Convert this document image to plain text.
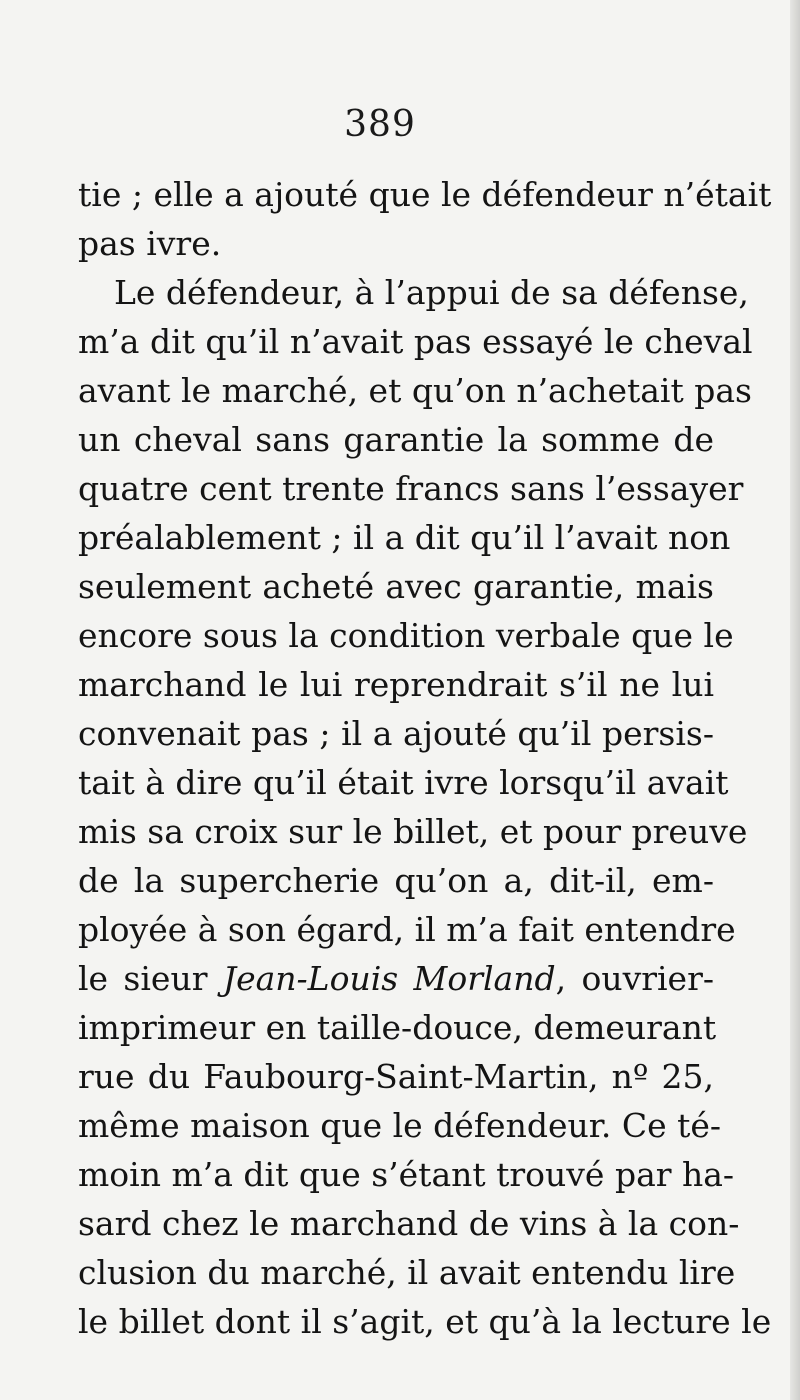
389
tie ; elle a ajouté que le défendeur n’était
pas ivre.
Le défendeur, à l’appui de sa défense,
m’a dit qu’il n’avait pas essayé le cheval
avant le marché, et qu’on n’achetait pas
un cheval sans garantie la somme de
quatre cent trente francs sans l’essayer
préalablement ; il a dit qu’il l’avait non
seulement acheté avec garantie, mais
encore sous la condition verbale que le
marchand le lui reprendrait s’il ne lui
convenait pas ; il a ajouté qu’il persis-
tait à dire qu’il était ivre lorsqu’il avait
mis sa croix sur le billet, et pour preuve
de la supercherie qu’on a, dit-il, em-
ployée à son égard, il m’a fait entendre
le sieur Jean-Louis Morland, ouvrier-
imprimeur en taille-douce, demeurant
rue du Faubourg-Saint-Martin, nº 25,
même maison que le défendeur. Ce té-
moin m’a dit que s’étant trouvé par ha-
sard chez le marchand de vins à la con-
clusion du marché, il avait entendu lire
le billet dont il s’agit, et qu’à la lecture le
